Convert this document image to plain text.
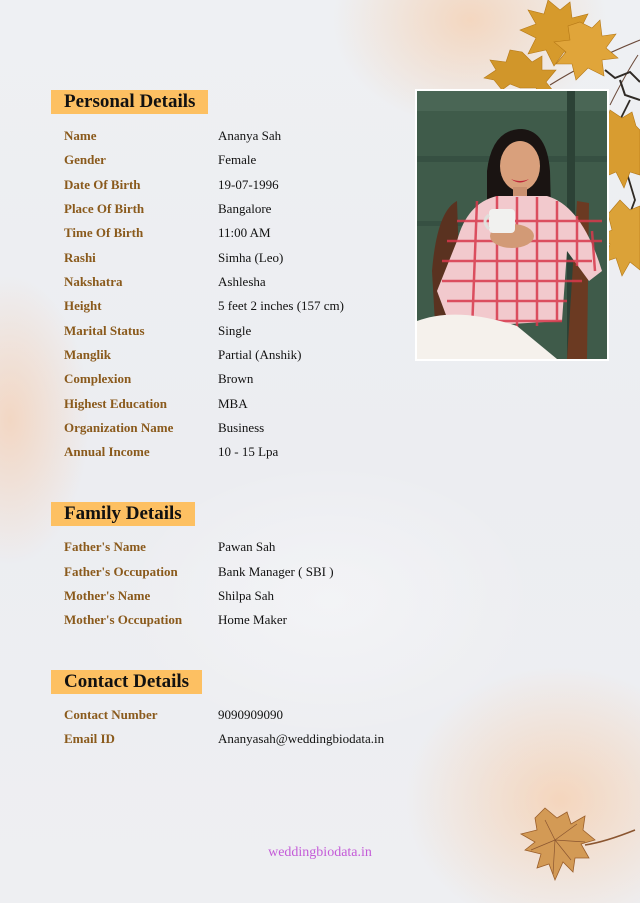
Personal Details
Name	Ananya Sah
Gender	Female
Date Of Birth	19-07-1996
Place Of Birth	Bangalore
Time Of Birth	11:00 AM
Rashi	Simha (Leo)
Nakshatra	Ashlesha
Height	5 feet 2 inches (157 cm)
Marital Status	Single
Manglik	Partial (Anshik)
Complexion	Brown
Highest Education	MBA
Organization Name	Business
Annual Income	10 - 15 Lpa
Family Details
Father's Name	Pawan Sah
Father's Occupation	Bank Manager ( SBI )
Mother's Name	Shilpa Sah
Mother's Occupation	Home Maker
Contact Details
Contact Number	9090909090
Email ID	Ananyasah@weddingbiodata.in
weddingbiodata.in
